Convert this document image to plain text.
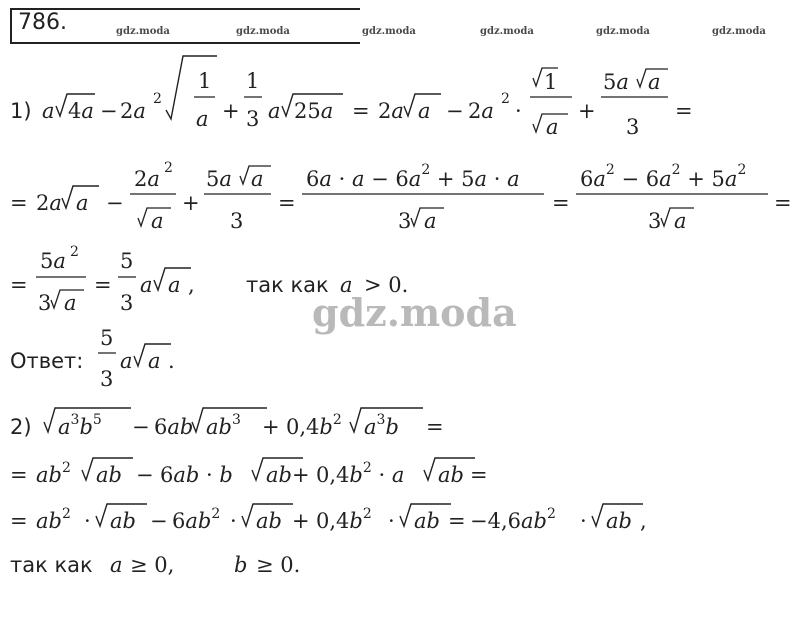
786.	gdz.moda	gdz.moda	gdz.moda	gdz.moda	gdz.moda	gdz.moda
gdz.moda
1) a 4a − 2a 2
1
a +
1
3 a 25a = 2a a − 2a 2 ·
1
a
+
5a a
3
=
= 2a a −
2a 2
a
+
5a a
3
=
$6a \cdot a - 6a^2 + 5a \cdot a$
3 a
=
$6a^2 - 6a^2 + 5a^2$
3 a
=
=
5a 2
3 a
=
5
3
a a , так как a > 0.
Ответ:
5
3
a a .
2) $a^3b^5 - 6ab$ $ab^3 + 0,4b^2$ $a^3b$ =
= $ab^2$ ab − 6ab · b ab + $0,4b^2 \cdot a$ ab =
= $ab^2$ · ab − $6ab^2$ · ab + $0,4b^2$ · ab = $-4,6ab^2$ · ab ,
так как a ≥ 0,	b ≥ 0.
